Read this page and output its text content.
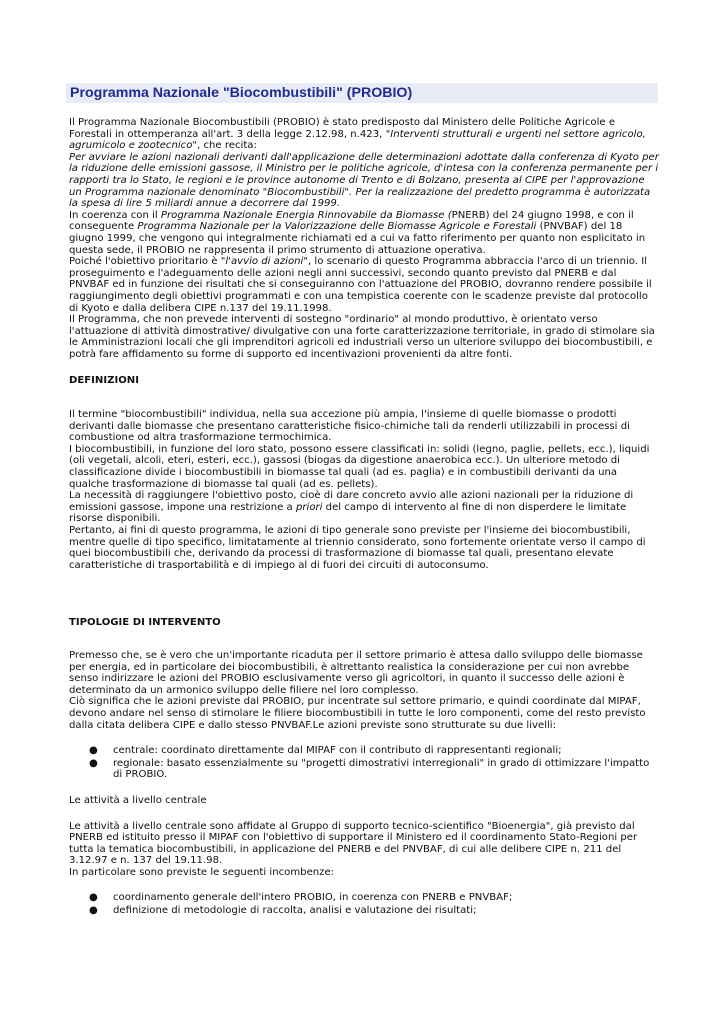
Programma Nazionale "Biocombustibili" (PROBIO)

Il Programma Nazionale Biocombustibili (PROBIO) è stato predisposto dal Ministero delle Politiche Agricole e Forestali in ottemperanza all'art. 3 della legge 2.12.98, n.423, "Interventi strutturali e urgenti nel settore agricolo, agrumicolo e zootecnico", che recita:

Per avviare le azioni nazionali derivanti dall'applicazione delle determinazioni adottate dalla conferenza di Kyoto per la riduzione delle emissioni gassose, il Ministro per le politiche agricole, d'intesa con la conferenza permanente per i rapporti tra lo Stato, le regioni e le province autonome di Trento e di Bolzano, presenta al CIPE per l'approvazione un Programma nazionale denominato "Biocombustibili". Per la realizzazione del predetto programma è autorizzata la spesa di lire 5 miliardi annue a decorrere dal 1999.

In coerenza con il Programma Nazionale Energia Rinnovabile da Biomasse (PNERB) del 24 giugno 1998, e con il conseguente Programma Nazionale per la Valorizzazione delle Biomasse Agricole e Forestali (PNVBAF) del 18 giugno 1999, che vengono qui integralmente richiamati ed a cui va fatto riferimento per quanto non esplicitato in questa sede, il PROBIO ne rappresenta il primo strumento di attuazione operativa.

Poiché l'obiettivo prioritario è "l'avvio di azioni", lo scenario di questo Programma abbraccia l'arco di un triennio. Il proseguimento e l'adeguamento delle azioni negli anni successivi, secondo quanto previsto dal PNERB e dal PNVBAF ed in funzione dei risultati che si conseguiranno con l'attuazione del PROBIO, dovranno rendere possibile il raggiungimento degli obiettivi programmati e con una tempistica coerente con le scadenze previste dal protocollo di Kyoto e dalla delibera CIPE n.137 del 19.11.1998.

Il Programma, che non prevede interventi di sostegno "ordinario" al mondo produttivo, è orientato verso l'attuazione di attività dimostrative/ divulgative con una forte caratterizzazione territoriale, in grado di stimolare sia le Amministrazioni locali che gli imprenditori agricoli ed industriali verso un ulteriore sviluppo dei biocombustibili, e potrà fare affidamento su forme di supporto ed incentivazioni provenienti da altre fonti.

DEFINIZIONI

Il termine "biocombustibili" individua, nella sua accezione più ampia, l'insieme di quelle biomasse o prodotti derivanti dalle biomasse che presentano caratteristiche fisico-chimiche tali da renderli utilizzabili in processi di combustione od altra trasformazione termochimica.

I biocombustibili, in funzione del loro stato, possono essere classificati in: solidi (legno, paglie, pellets, ecc.), liquidi (oli vegetali, alcoli, eteri, esteri, ecc.), gassosi (biogas da digestione anaerobica ecc.). Un ulteriore metodo di classificazione divide i biocombustibili in biomasse tal quali (ad es. paglia) e in combustibili derivanti da una qualche trasformazione di biomasse tal quali (ad es. pellets).

La necessità di raggiungere l'obiettivo posto, cioè di dare concreto avvio alle azioni nazionali per la riduzione di emissioni gassose, impone una restrizione a priori del campo di intervento al fine di non disperdere le limitate risorse disponibili.

Pertanto, ai fini di questo programma, le azioni di tipo generale sono previste per l'insieme dei biocombustibili, mentre quelle di tipo specifico, limitatamente al triennio considerato, sono fortemente orientate verso il campo di quei biocombustibili che, derivando da processi di trasformazione di biomasse tal quali, presentano elevate caratteristiche di trasportabilità e di impiego al di fuori dei circuiti di autoconsumo.

TIPOLOGIE DI INTERVENTO

Premesso che, se è vero che un'importante ricaduta per il settore primario è attesa dallo sviluppo delle biomasse per energia, ed in particolare dei biocombustibili, è altrettanto realistica la considerazione per cui non avrebbe senso indirizzare le azioni del PROBIO esclusivamente verso gli agricoltori, in quanto il successo delle azioni è determinato da un armonico sviluppo delle filiere nel loro complesso.

Ciò significa che le azioni previste dal PROBIO, pur incentrate sul settore primario, e quindi coordinate dal MIPAF, devono andare nel senso di stimolare le filiere biocombustibili in tutte le loro componenti, come del resto previsto dalla citata delibera CIPE e dallo stesso PNVBAF.Le azioni previste sono strutturate su due livelli:

● centrale: coordinato direttamente dal MIPAF con il contributo di rappresentanti regionali;
● regionale: basato essenzialmente su "progetti dimostrativi interregionali" in grado di ottimizzare l'impatto di PROBIO.

Le attività a livello centrale

Le attività a livello centrale sono affidate al Gruppo di supporto tecnico-scientifico "Bioenergia", già previsto dal PNERB ed istituito presso il MIPAF con l'obiettivo di supportare il Ministero ed il coordinamento Stato-Regioni per tutta la tematica biocombustibili, in applicazione del PNERB e del PNVBAF, di cui alle delibere CIPE n. 211 del 3.12.97 e n. 137 del 19.11.98.

In particolare sono previste le seguenti incombenze:

● coordinamento generale dell'intero PROBIO, in coerenza con PNERB e PNVBAF;
● definizione di metodologie di raccolta, analisi e valutazione dei risultati;
